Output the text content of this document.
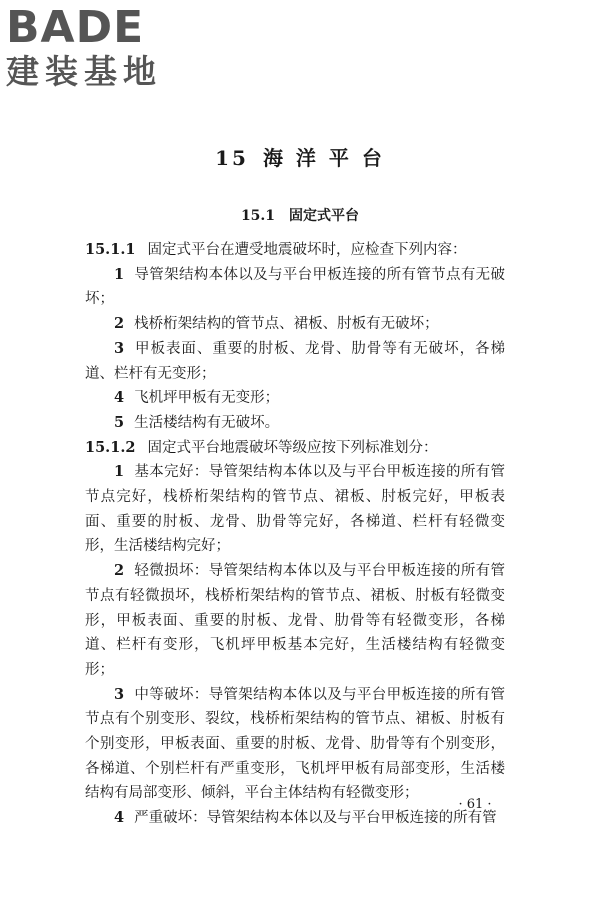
BADE
建装基地
15 海 洋 平 台
15.1 固定式平台

15.1.1 固定式平台在遭受地震破坏时，应检查下列内容：

1 导管架结构本体以及与平台甲板连接的所有管节点有无破坏；

2 栈桥桁架结构的管节点、裙板、肘板有无破坏；

3 甲板表面、重要的肘板、龙骨、肋骨等有无破坏，各梯道、栏杆有无变形；

4 飞机坪甲板有无变形；

5 生活楼结构有无破坏。

15.1.2 固定式平台地震破坏等级应按下列标准划分：

1 基本完好：导管架结构本体以及与平台甲板连接的所有管节点完好，栈桥桁架结构的管节点、裙板、肘板完好，甲板表面、重要的肘板、龙骨、肋骨等完好，各梯道、栏杆有轻微变形，生活楼结构完好；

2 轻微损坏：导管架结构本体以及与平台甲板连接的所有管节点有轻微损坏，栈桥桁架结构的管节点、裙板、肘板有轻微变形，甲板表面、重要的肘板、龙骨、肋骨等有轻微变形，各梯道、栏杆有变形，飞机坪甲板基本完好，生活楼结构有轻微变形；

3 中等破坏：导管架结构本体以及与平台甲板连接的所有管节点有个别变形、裂纹，栈桥桁架结构的管节点、裙板、肘板有个别变形，甲板表面、重要的肘板、龙骨、肋骨等有个别变形，各梯道、个别栏杆有严重变形，飞机坪甲板有局部变形，生活楼结构有局部变形、倾斜，平台主体结构有轻微变形；

4 严重破坏：导管架结构本体以及与平台甲板连接的所有管

· 61 ·
